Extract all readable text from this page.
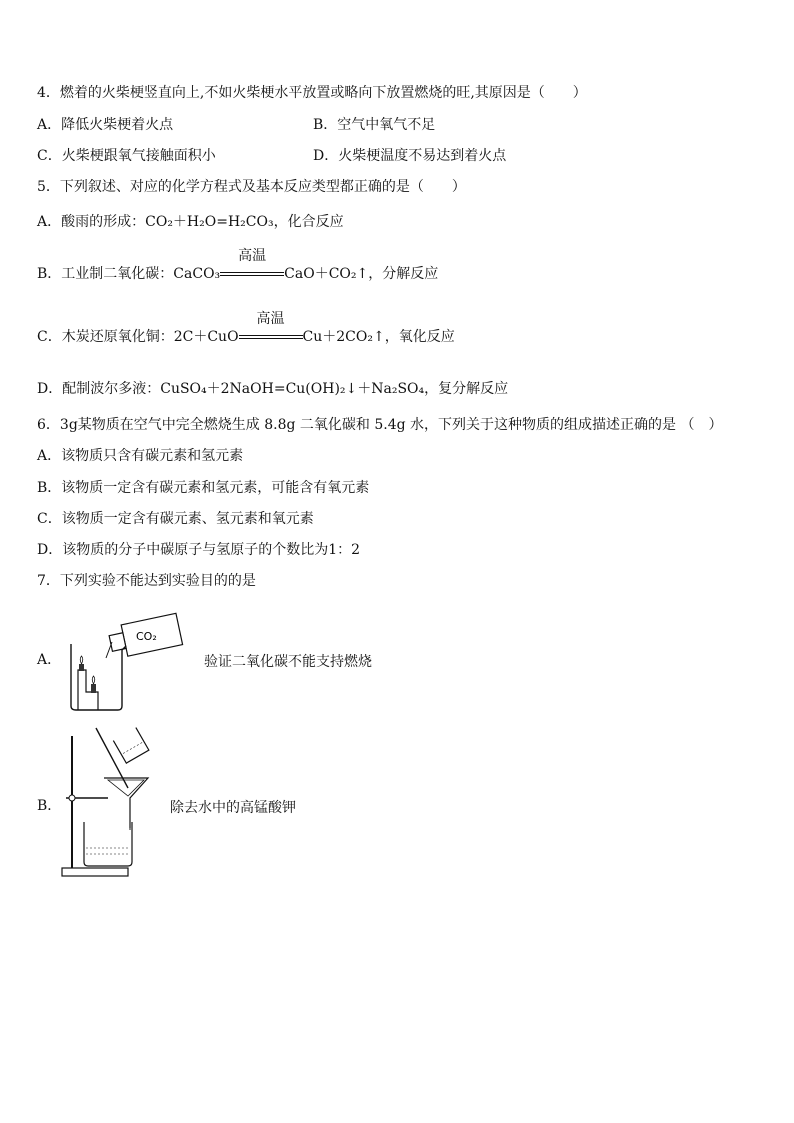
4．燃着的火柴梗竖直向上,不如火柴梗水平放置或略向下放置燃烧的旺,其原因是（　　）
A．降低火柴梗着火点	B．空气中氧气不足
C．火柴梗跟氧气接触面积小	D．火柴梗温度不易达到着火点
5．下列叙述、对应的化学方程式及基本反应类型都正确的是（　　）
A．酸雨的形成：CO₂＋H₂O=H₂CO₃，化合反应
B．工业制二氧化碳：CaCO₃
高温
CaO＋CO₂↑，分解反应
C．木炭还原氧化铜：2C＋CuO
高温
Cu＋2CO₂↑，氧化反应
D．配制波尔多液：CuSO₄＋2NaOH=Cu(OH)₂↓＋Na₂SO₄，复分解反应
6．3g某物质在空气中完全燃烧生成 8.8g 二氧化碳和 5.4g 水，下列关于这种物质的组成描述正确的是 （　）
A．该物质只含有碳元素和氢元素
B．该物质一定含有碳元素和氢元素，可能含有氧元素
C．该物质一定含有碳元素、氢元素和氧元素
D．该物质的分子中碳原子与氢原子的个数比为1：2
7．下列实验不能达到实验目的的是
A．
CO₂
验证二氧化碳不能支持燃烧
B．	除去水中的高锰酸钾
